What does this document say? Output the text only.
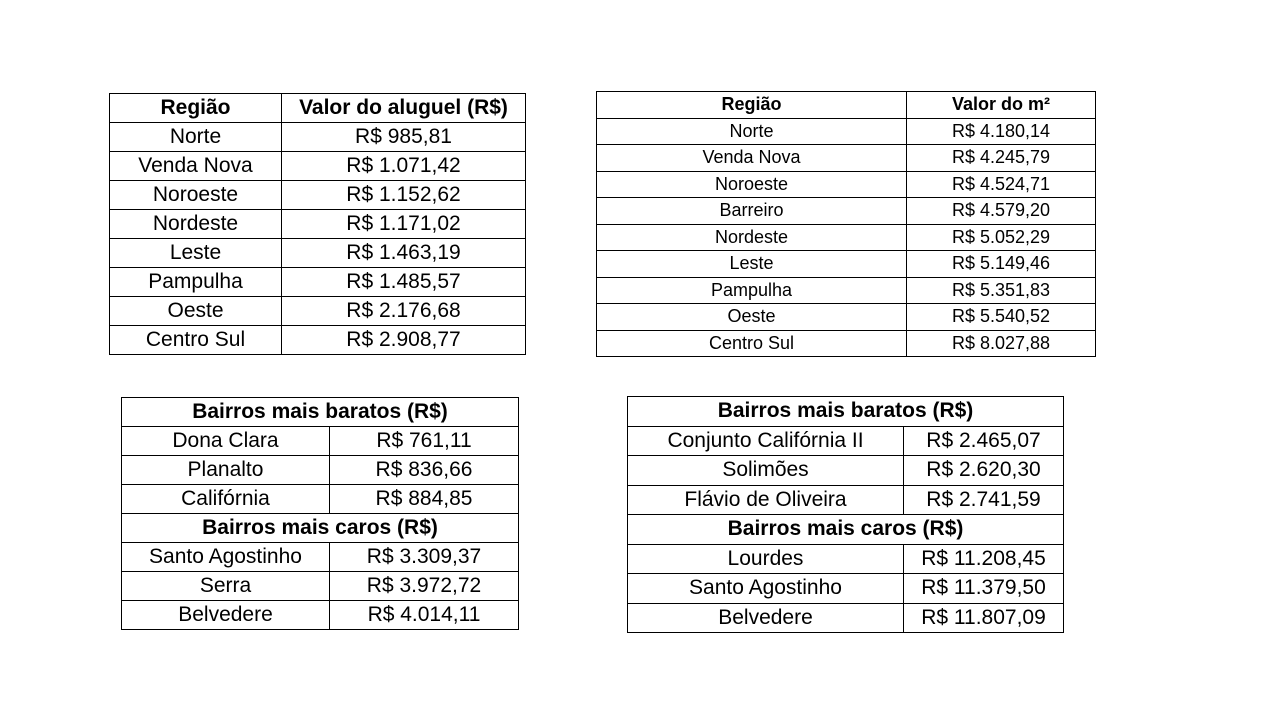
Região	Valor do aluguel (R$)
Norte	R$ 985,81
Venda Nova	R$ 1.071,42
Noroeste	R$ 1.152,62
Nordeste	R$ 1.171,02
Leste	R$ 1.463,19
Pampulha	R$ 1.485,57
Oeste	R$ 2.176,68
Centro Sul	R$ 2.908,77
Região	Valor do m²
Norte	R$ 4.180,14
Venda Nova	R$ 4.245,79
Noroeste	R$ 4.524,71
Barreiro	R$ 4.579,20
Nordeste	R$ 5.052,29
Leste	R$ 5.149,46
Pampulha	R$ 5.351,83
Oeste	R$ 5.540,52
Centro Sul	R$ 8.027,88
Bairros mais baratos (R$)	
Dona Clara	R$ 761,11
Planalto	R$ 836,66
Califórnia	R$ 884,85
Bairros mais caros (R$)	
Santo Agostinho	R$ 3.309,37
Serra	R$ 3.972,72
Belvedere	R$ 4.014,11
Bairros mais baratos (R$)	
Conjunto Califórnia II	R$ 2.465,07
Solimões	R$ 2.620,30
Flávio de Oliveira	R$ 2.741,59
Bairros mais caros (R$)	
Lourdes	R$ 11.208,45
Santo Agostinho	R$ 11.379,50
Belvedere	R$ 11.807,09
